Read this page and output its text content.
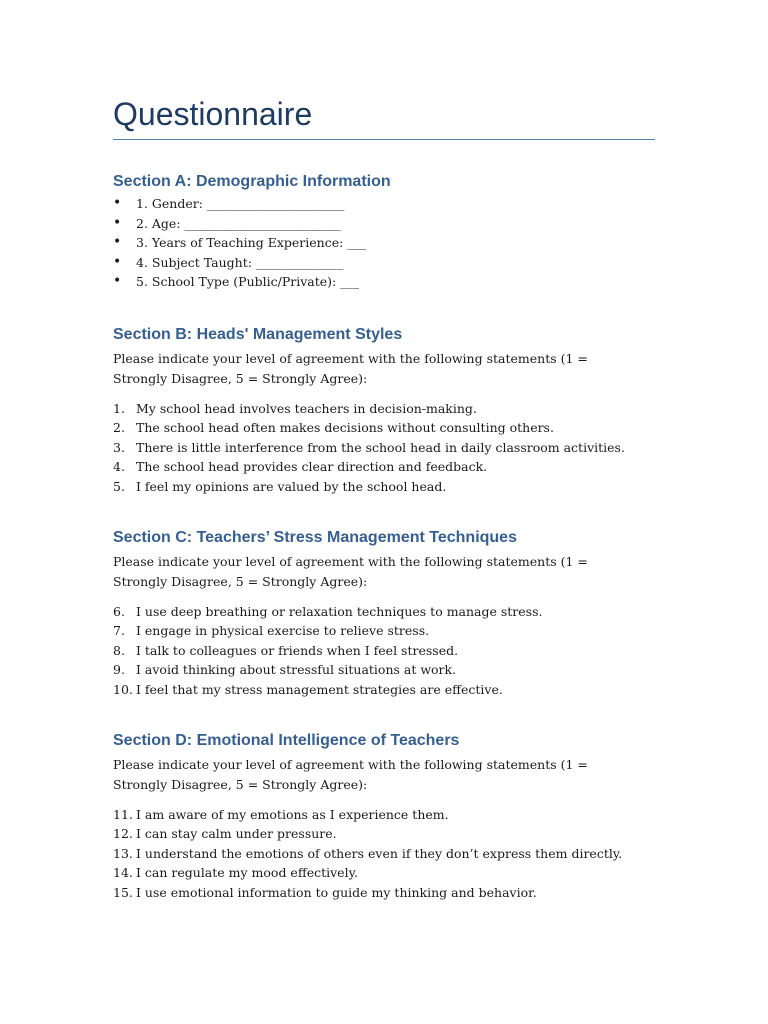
Questionnaire
Section A: Demographic Information
• 1. Gender: ______________________
• 2. Age: _________________________
• 3. Years of Teaching Experience: ___
• 4. Subject Taught: ______________
• 5. School Type (Public/Private): ___
Section B: Heads' Management Styles

Please indicate your level of agreement with the following statements (1 = Strongly Disagree, 5 = Strongly Agree):

1. My school head involves teachers in decision-making.
2. The school head often makes decisions without consulting others.
3. There is little interference from the school head in daily classroom activities.
4. The school head provides clear direction and feedback.
5. I feel my opinions are valued by the school head.
Section C: Teachers’ Stress Management Techniques

Please indicate your level of agreement with the following statements (1 = Strongly Disagree, 5 = Strongly Agree):

6. I use deep breathing or relaxation techniques to manage stress.
7. I engage in physical exercise to relieve stress.
8. I talk to colleagues or friends when I feel stressed.
9. I avoid thinking about stressful situations at work.
10. I feel that my stress management strategies are effective.
Section D: Emotional Intelligence of Teachers

Please indicate your level of agreement with the following statements (1 = Strongly Disagree, 5 = Strongly Agree):

11. I am aware of my emotions as I experience them.
12. I can stay calm under pressure.
13. I understand the emotions of others even if they don’t express them directly.
14. I can regulate my mood effectively.
15. I use emotional information to guide my thinking and behavior.
